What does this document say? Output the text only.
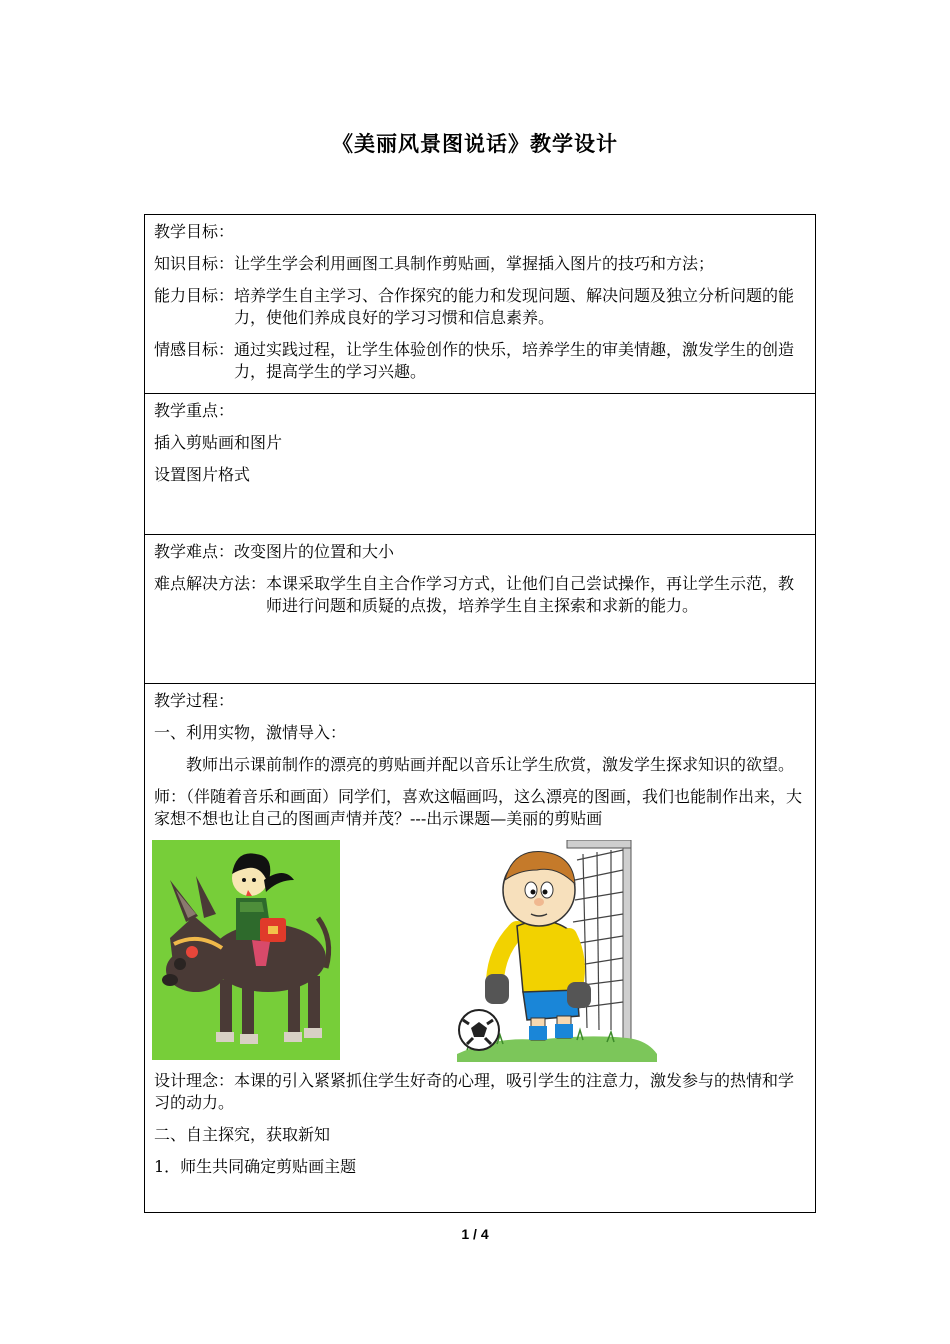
《美丽风景图说话》教学设计
教学目标：
知识目标： 让学生学会利用画图工具制作剪贴画，掌握插入图片的技巧和方法；
能力目标： 培养学生自主学习、合作探究的能力和发现问题、解决问题及独立分析问题的能力，使他们养成良好的学习习惯和信息素养。
情感目标： 通过实践过程，让学生体验创作的快乐，培养学生的审美情趣，激发学生的创造力，提高学生的学习兴趣。

教学重点：
插入剪贴画和图片
设置图片格式

教学难点：改变图片的位置和大小
难点解决方法： 本课采取学生自主合作学习方式，让他们自己尝试操作，再让学生示范，教师进行问题和质疑的点拨，培养学生自主探索和求新的能力。

教学过程：
一、利用实物，激情导入：
教师出示课前制作的漂亮的剪贴画并配以音乐让学生欣赏，激发学生探求知识的欲望。
师：（伴随着音乐和画面）同学们，喜欢这幅画吗，这么漂亮的图画，我们也能制作出来，大家想不想也让自己的图画声情并茂？---出示课题—美丽的剪贴画
设计理念：本课的引入紧紧抓住学生好奇的心理，吸引学生的注意力，激发参与的热情和学习的动力。
二、自主探究，获取新知
1．师生共同确定剪贴画主题
1 / 4
